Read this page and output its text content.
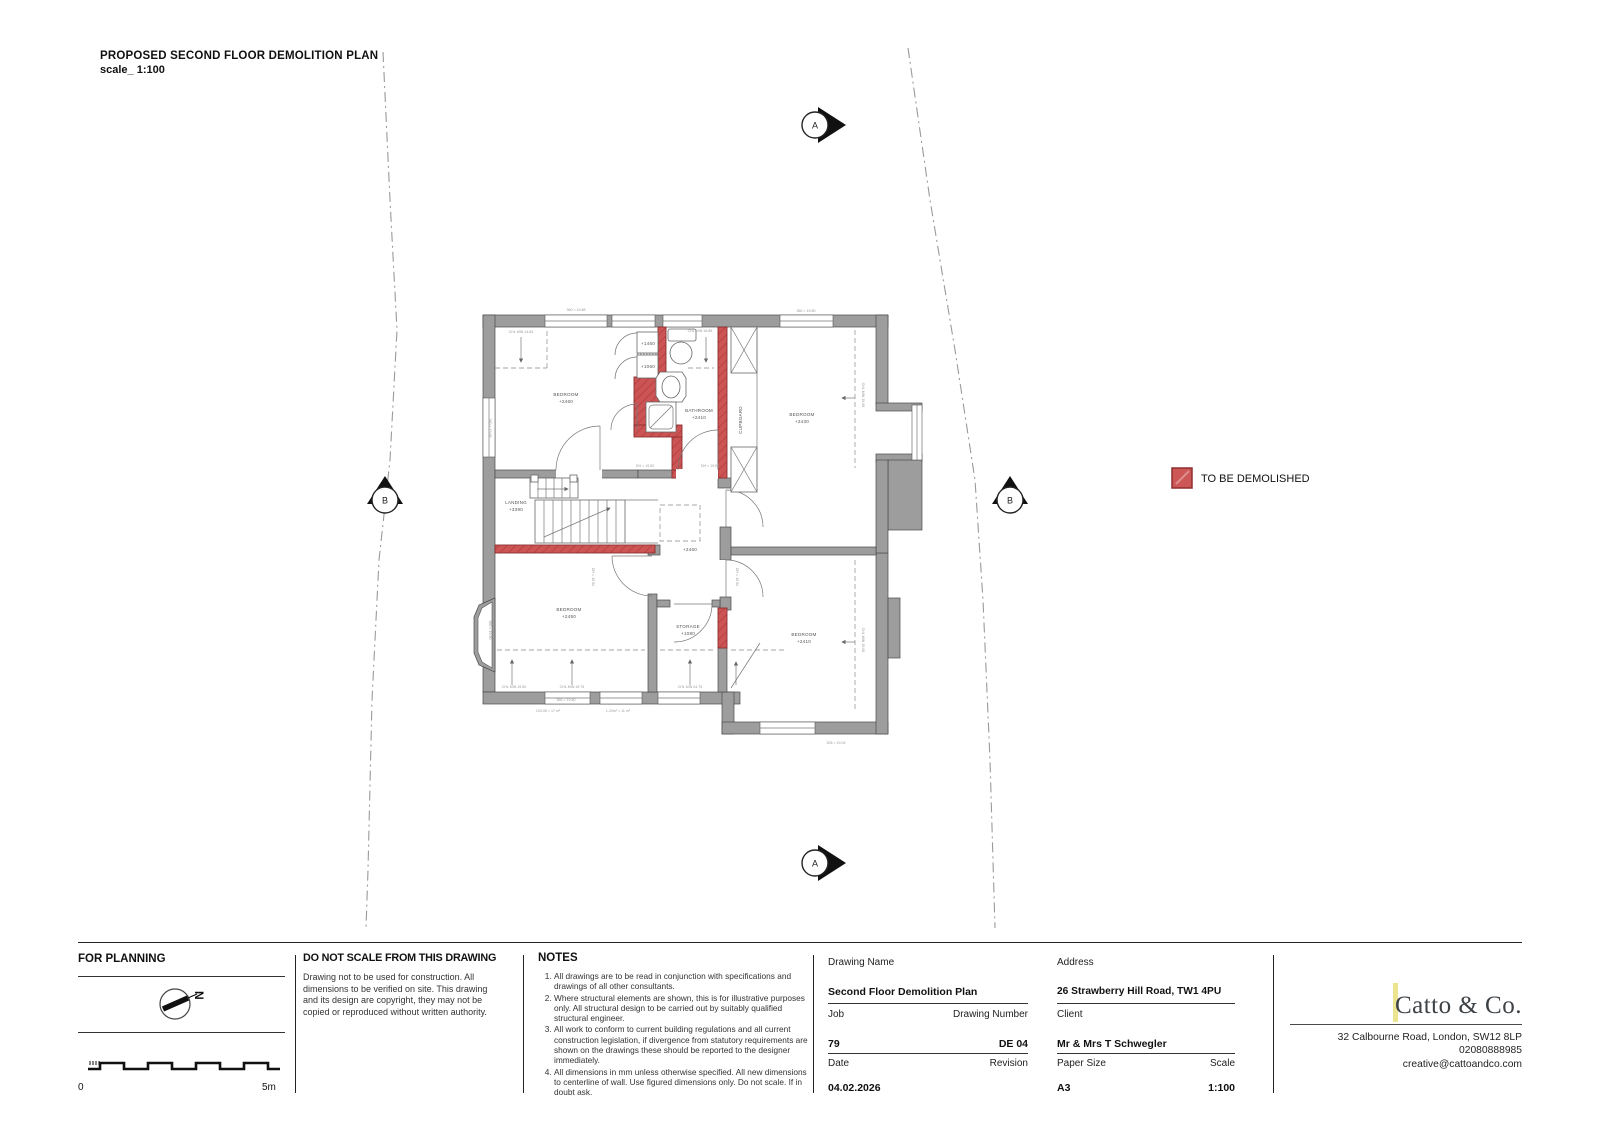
PROPOSED SECOND FLOOR DEMOLITION PLAN
scale_ 1:100
A
A
B	B
TO BE DEMOLISHED
BEDROOM +2460
BATHROOM +2410
BEDROOM +2430
LANDING +3390
+2460
BEDROOM +2450
STORAGE +1080	BEDROOM +2410
CUPBOARD
+1460
+1060
360 = 19.88	360 = 19.80
CHL MIN 14.84	CHL MIN 16.89
CHL MIN 19.08
CHL MIN 19.08
DH = 19.52	DH = 19.52
DH = 19.52	DH = 19.52
CHL MIN 19.50	CHL MIN 19.75	CHL MIN 24.75
360 = 19.80
120.05 = 17 m²	1.20m² = 11 m²
300 = 19.95
305 = 19.04
360 = 19.88
360 = 19.80
FOR PLANNING
N
0	5m
DO NOT SCALE FROM THIS DRAWING
Drawing not to be used for construction. All dimensions to be verified on site. This drawing and its design are copyright, they may not be copied or reproduced without written authority.
NOTES
1. All drawings are to be read in conjunction with specifications and drawings of all other consultants.
2. Where structural elements are shown, this is for illustrative purposes only. All structural design to be carried out by suitably qualified structural engineer.
3. All work to conform to current building regulations and all current construction legislation, if divergence from statutory requirements are shown on the drawings these should be reported to the designer immediately.
4. All dimensions in mm unless otherwise specified. All new dimensions to centerline of wall. Use figured dimensions only. Do not scale. If in doubt ask.
Drawing Name
Second Floor Demolition Plan
Job	Drawing Number
79	DE 04
Date	Revision
04.02.2026
Address
26 Strawberry Hill Road, TW1 4PU
Client
Mr & Mrs T Schwegler
Paper Size	Scale
A3	1:100
Catto & Co.
32 Calbourne Road, London, SW12 8LP
02080888985
creative@cattoandco.com
